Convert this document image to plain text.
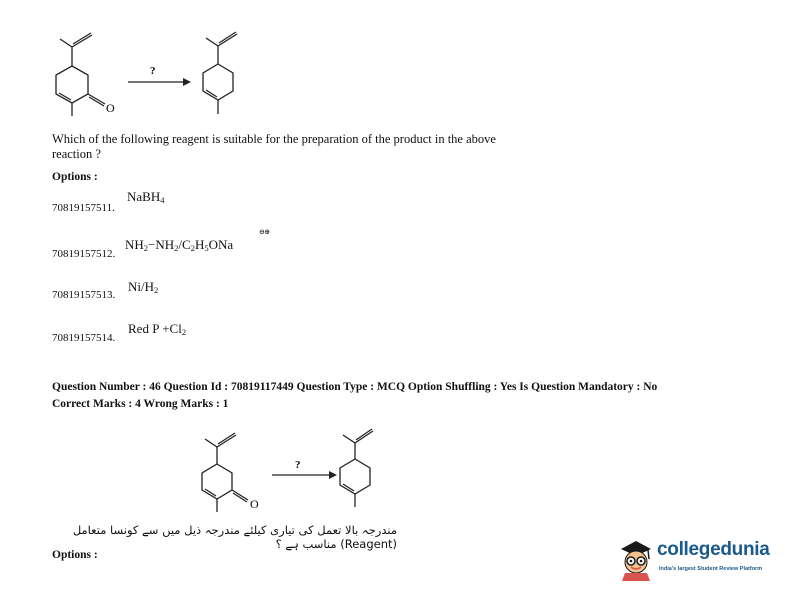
O
?
Which of the following reagent is suitable for the preparation of the product in the above
reaction ?
Options :
NaBH$_4$
70819157511.
⊖⊕
$NH_2-NH_2/C_2H_5ONa$
70819157512.
$Ni/H_2$
70819157513.
Red $P +Cl_2$
70819157514.
Question Number : 46 Question Id : 70819117449 Question Type : MCQ Option Shuffling : Yes Is Question Mandatory : No
Correct Marks : 4 Wrong Marks : 1
O
?
مندرجہ بالا تعمل کی تیاری کیلئے مندرجہ ذیل میں سے کونسا متعامل (Reagent) مناسب ہے ؟
Options :	collegedunia
India's largest Student Review Platform
